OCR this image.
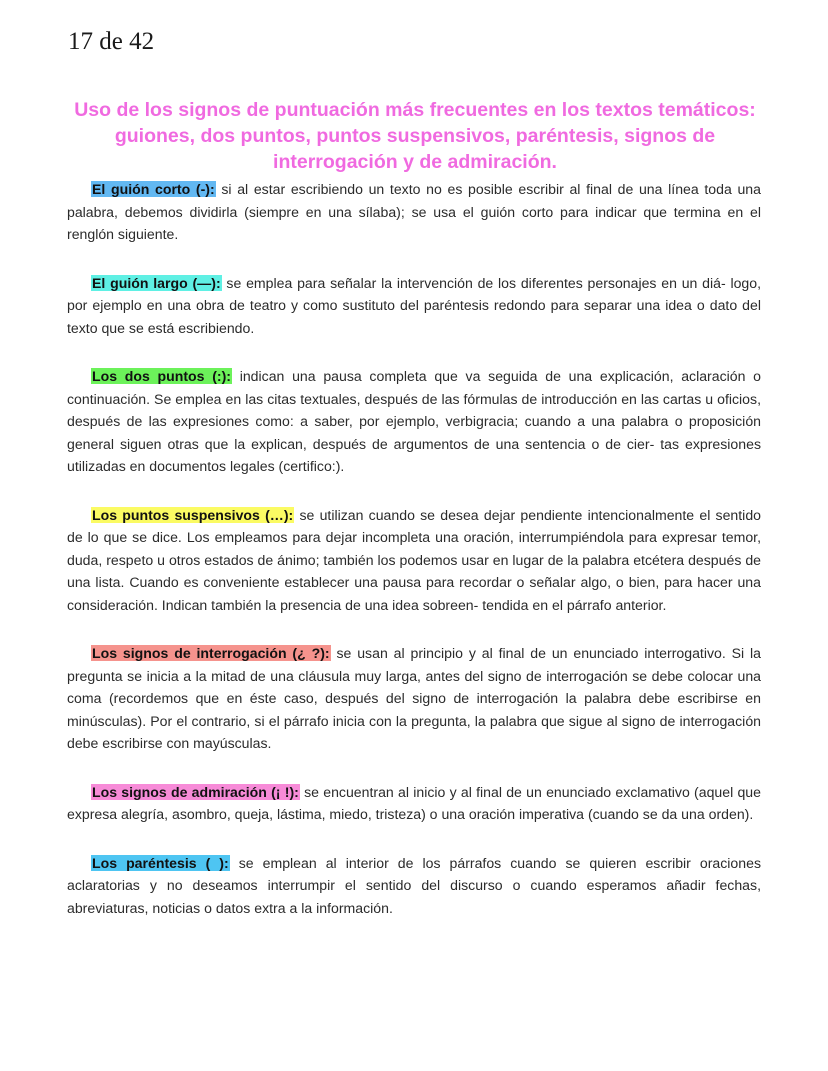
17 de 42
Uso de los signos de puntuación más frecuentes en los textos temáticos: guiones, dos puntos, puntos suspensivos, paréntesis, signos de interrogación y de admiración.

El guión corto (-): si al estar escribiendo un texto no es posible escribir al final de una línea toda una palabra, debemos dividirla (siempre en una sílaba); se usa el guión corto para indicar que termina en el renglón siguiente.

El guión largo (—): se emplea para señalar la intervención de los diferentes personajes en un diá- logo, por ejemplo en una obra de teatro y como sustituto del paréntesis redondo para separar una idea o dato del texto que se está escribiendo.

Los dos puntos (:): indican una pausa completa que va seguida de una explicación, aclaración o continuación. Se emplea en las citas textuales, después de las fórmulas de introducción en las cartas u oficios, después de las expresiones como: a saber, por ejemplo, verbigracia; cuando a una palabra o proposición general siguen otras que la explican, después de argumentos de una sentencia o de cier- tas expresiones utilizadas en documentos legales (certifico:).

Los puntos suspensivos (…): se utilizan cuando se desea dejar pendiente intencionalmente el sentido de lo que se dice. Los empleamos para dejar incompleta una oración, interrumpiéndola para expresar temor, duda, respeto u otros estados de ánimo; también los podemos usar en lugar de la palabra etcétera después de una lista. Cuando es conveniente establecer una pausa para recordar o señalar algo, o bien, para hacer una consideración. Indican también la presencia de una idea sobreen- tendida en el párrafo anterior.

Los signos de interrogación (¿ ?): se usan al principio y al final de un enunciado interrogativo. Si la pregunta se inicia a la mitad de una cláusula muy larga, antes del signo de interrogación se debe colocar una coma (recordemos que en éste caso, después del signo de interrogación la palabra debe escribirse en minúsculas). Por el contrario, si el párrafo inicia con la pregunta, la palabra que sigue al signo de interrogación debe escribirse con mayúsculas.

Los signos de admiración (¡ !): se encuentran al inicio y al final de un enunciado exclamativo (aquel que expresa alegría, asombro, queja, lástima, miedo, tristeza) o una oración imperativa (cuando se da una orden).

Los paréntesis ( ): se emplean al interior de los párrafos cuando se quieren escribir oraciones aclaratorias y no deseamos interrumpir el sentido del discurso o cuando esperamos añadir fechas, abreviaturas, noticias o datos extra a la información.
